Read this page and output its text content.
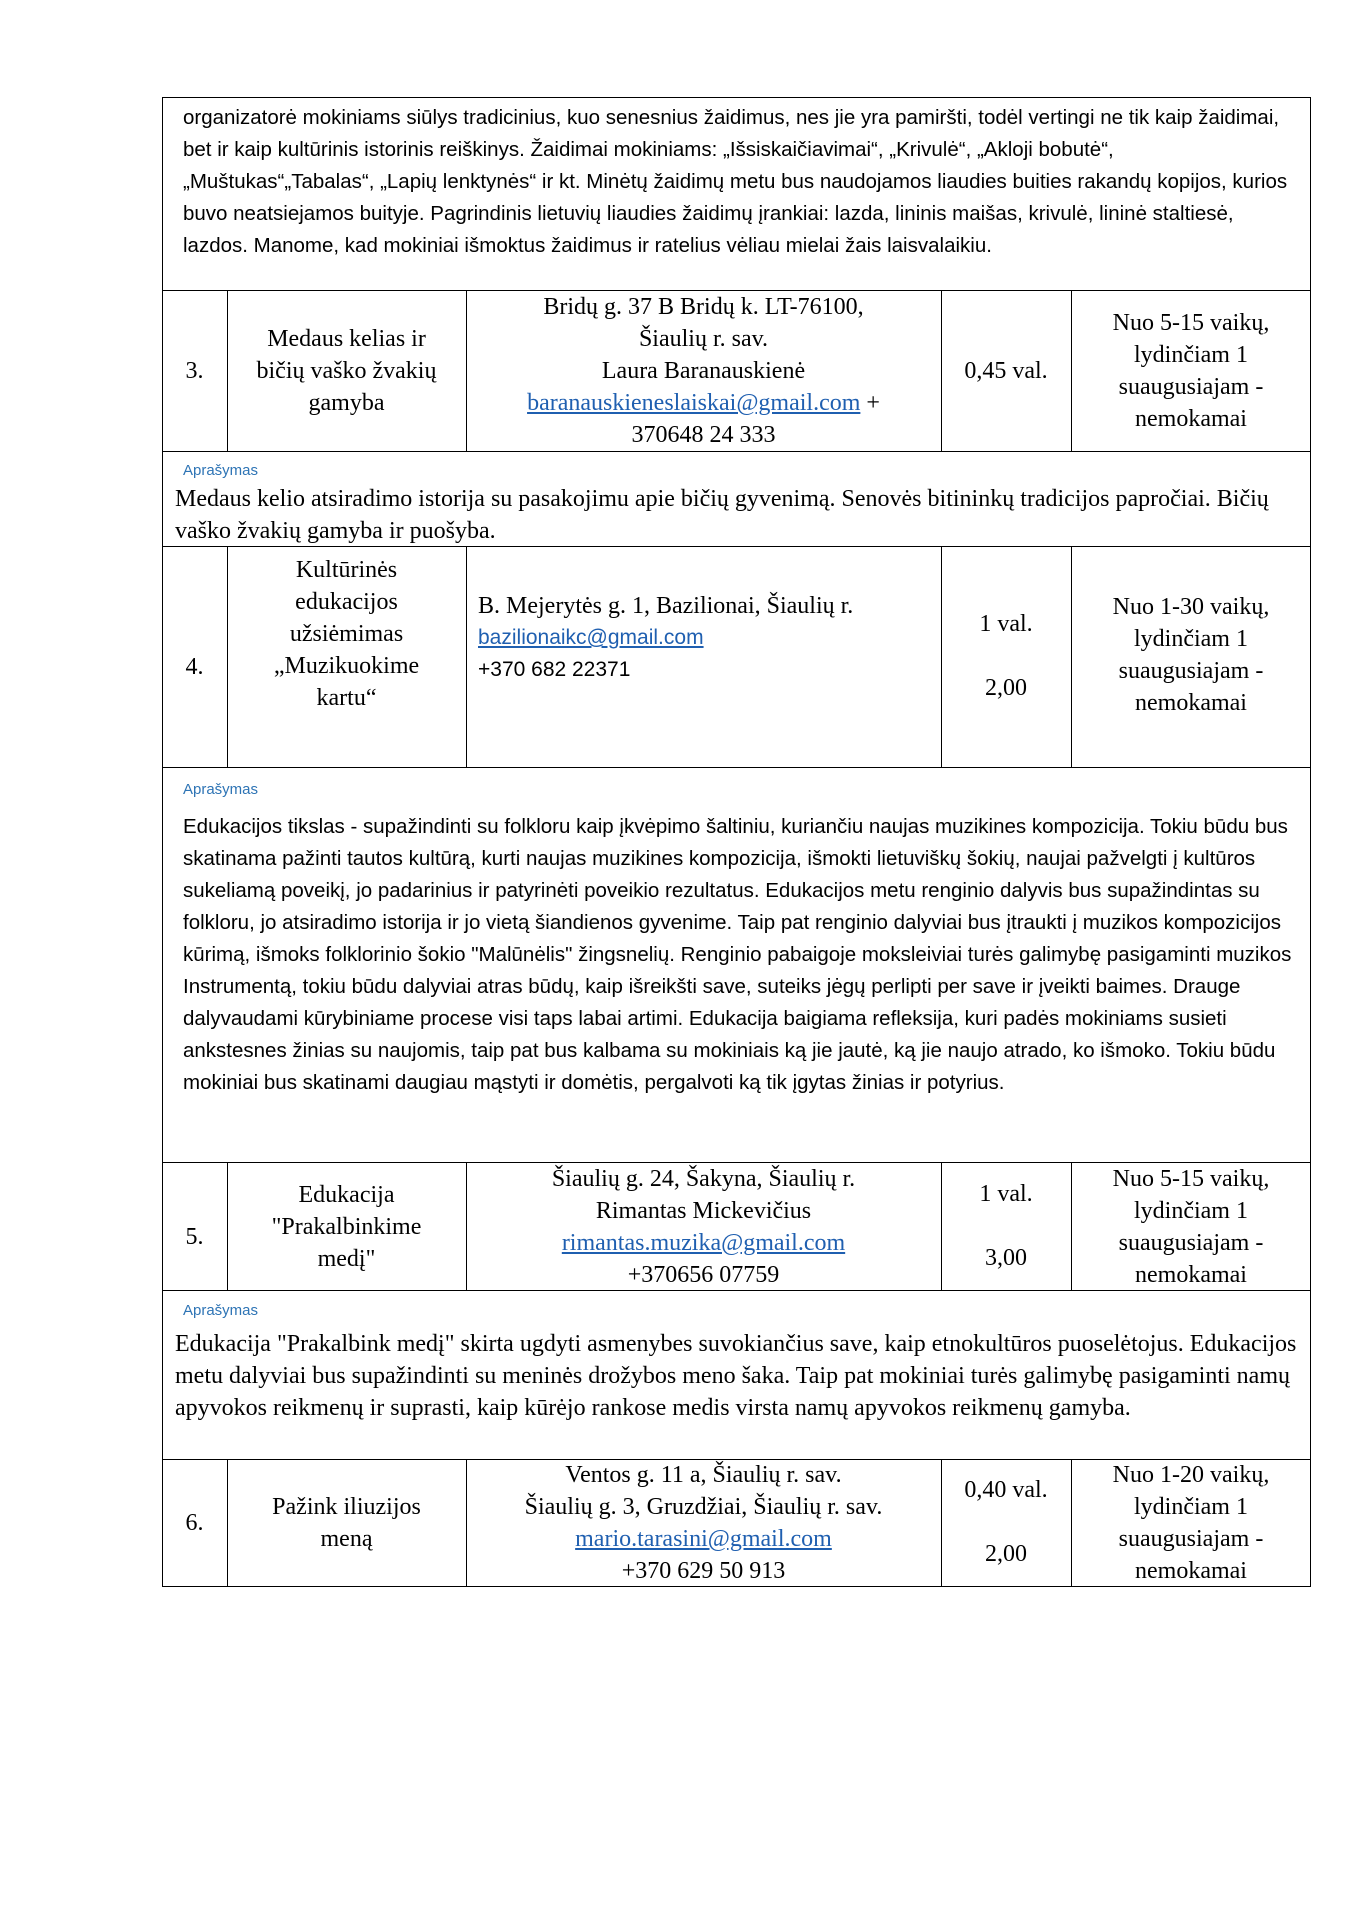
organizatorė mokiniams siūlys tradicinius, kuo senesnius žaidimus, nes jie yra pamiršti, todėl vertingi ne tik kaip žaidimai, bet ir kaip kultūrinis istorinis reiškinys. Žaidimai mokiniams: „Išsiskaičiavimai“, „Krivulė“, „Akloji bobutė“, „Muštukas“„Tabalas“, „Lapių lenktynės“ ir kt. Minėtų žaidimų metu bus naudojamos liaudies buities rakandų kopijos, kurios buvo neatsiejamos buityje. Pagrindinis lietuvių liaudies žaidimų įrankiai: lazda, lininis maišas, krivulė, lininė staltiesė, lazdos. Manome, kad mokiniai išmoktus žaidimus ir ratelius vėliau mielai žais laisvalaikiu.

3.
Medaus kelias ir
bičių vaško žvakių
gamyba
Bridų g. 37 B Bridų k. LT-76100,
Šiaulių r. sav.
Laura Baranauskienė
baranauskieneslaiskai@gmail.com +
370648 24 333
0,45 val.
Nuo 5-15 vaikų,
lydinčiam 1
suaugusiajam -
nemokamai
Aprašymas

Medaus kelio atsiradimo istorija su pasakojimu apie bičių gyvenimą. Senovės bitininkų tradicijos papročiai. Bičių vaško žvakių gamyba ir puošyba.

4.
Kultūrinės
edukacijos
užsiėmimas
„Muzikuokime
kartu“
B. Mejerytės g. 1, Bazilionai, Šiaulių r.
bazilionaikc@gmail.com
+370 682 22371
1 val.
2,00
Nuo 1-30 vaikų,
lydinčiam 1
suaugusiajam -
nemokamai
Aprašymas

Edukacijos tikslas - supažindinti su folkloru kaip įkvėpimo šaltiniu, kuriančiu naujas muzikines kompozicija. Tokiu būdu bus skatinama pažinti tautos kultūrą, kurti naujas muzikines kompozicija, išmokti lietuviškų šokių, naujai pažvelgti į kultūros sukeliamą poveikį, jo padarinius ir patyrinėti poveikio rezultatus. Edukacijos metu renginio dalyvis bus supažindintas su folkloru, jo atsiradimo istorija ir jo vietą šiandienos gyvenime. Taip pat renginio dalyviai bus įtraukti į muzikos kompozicijos kūrimą, išmoks folklorinio šokio "Malūnėlis" žingsnelių. Renginio pabaigoje moksleiviai turės galimybę pasigaminti muzikos Instrumentą, tokiu būdu dalyviai atras būdų, kaip išreikšti save, suteiks jėgų perlipti per save ir įveikti baimes. Drauge dalyvaudami kūrybiniame procese visi taps labai artimi. Edukacija baigiama refleksija, kuri padės mokiniams susieti ankstesnes žinias su naujomis, taip pat bus kalbama su mokiniais ką jie jautė, ką jie naujo atrado, ko išmoko. Tokiu būdu mokiniai bus skatinami daugiau mąstyti ir domėtis, pergalvoti ką tik įgytas žinias ir potyrius.

5.
Edukacija
"Prakalbinkime
medį"
Šiaulių g. 24, Šakyna, Šiaulių r.
Rimantas Mickevičius
rimantas.muzika@gmail.com
+370656 07759
1 val.
3,00
Nuo 5-15 vaikų,
lydinčiam 1
suaugusiajam -
nemokamai
Aprašymas

Edukacija "Prakalbink medį" skirta ugdyti asmenybes suvokiančius save, kaip etnokultūros puoselėtojus. Edukacijos metu dalyviai bus supažindinti su meninės drožybos meno šaka. Taip pat mokiniai turės galimybę pasigaminti namų apyvokos reikmenų ir suprasti, kaip kūrėjo rankose medis virsta namų apyvokos reikmenų gamyba.

6.
Pažink iliuzijos
meną
Ventos g. 11 a, Šiaulių r. sav.
Šiaulių g. 3, Gruzdžiai, Šiaulių r. sav.
mario.tarasini@gmail.com
+370 629 50 913
0,40 val.
2,00
Nuo 1-20 vaikų,
lydinčiam 1
suaugusiajam -
nemokamai
